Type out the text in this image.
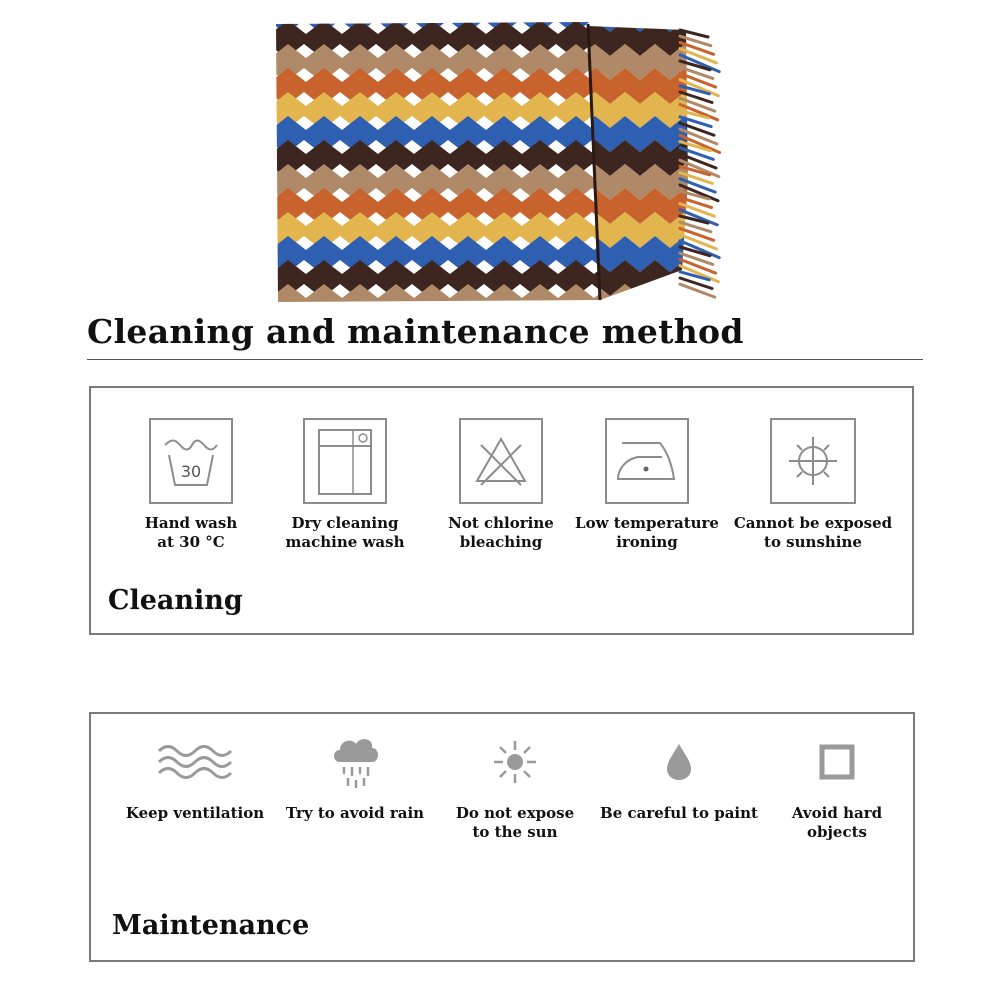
Cleaning and maintenance method
30
Hand wash
at 30 °C
Dry cleaning
machine wash
Not chlorine
bleaching
Low temperature
ironing
Cannot be exposed
to sunshine
Cleaning
Keep ventilation	Try to avoid rain	Do not expose
to the sun
Be careful to paint	Avoid hard
objects
Maintenance
